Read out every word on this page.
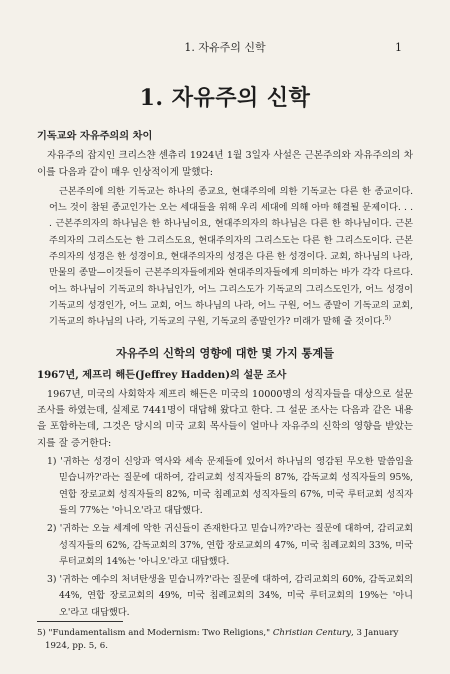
1. 자유주의 신학	1
1. 자유주의 신학
기독교와 자유주의의 차이

자유주의 잡지인 크리스챤 센츄리 1924년 1월 3일자 사설은 근본주의와 자유주의의 차이를 다음과 같이 매우 인상적이게 말했다:

근본주의에 의한 기독교는 하나의 종교요, 현대주의에 의한 기독교는 다른 한 종교이다. 어느 것이 참된 종교인가는 오는 세대들을 위해 우리 세대에 의해 아마 해결될 문제이다. . . . 근본주의자의 하나님은 한 하나님이요, 현대주의자의 하나님은 다른 한 하나님이다. 근본주의자의 그리스도는 한 그리스도요, 현대주의자의 그리스도는 다른 한 그리스도이다. 근본주의자의 성경은 한 성경이요, 현대주의자의 성경은 다른 한 성경이다. 교회, 하나님의 나라, 만물의 종말—이것들이 근본주의자들에게와 현대주의자들에게 의미하는 바가 각각 다르다. 어느 하나님이 기독교의 하나님인가, 어느 그리스도가 기독교의 그리스도인가, 어느 성경이 기독교의 성경인가, 어느 교회, 어느 하나님의 나라, 어느 구원, 어느 종말이 기독교의 교회, 기독교의 하나님의 나라, 기독교의 구원, 기독교의 종말인가? 미래가 말해 줄 것이다.$^{5)}$

자유주의 신학의 영향에 대한 몇 가지 통계들
1967년, 제프리 해든(Jeffrey Hadden)의 설문 조사

1967년, 미국의 사회학자 제프리 해든은 미국의 10000명의 성직자들을 대상으로 설문 조사를 하였는데, 실제로 7441명이 대답해 왔다고 한다. 그 설문 조사는 다음과 같은 내용을 포함하는데, 그것은 당시의 미국 교회 목사들이 얼마나 자유주의 신학의 영향을 받았는지를 잘 증거한다:

1) '귀하는 성경이 신앙과 역사와 세속 문제들에 있어서 하나님의 영감된 무오한 말씀임을 믿습니까?'라는 질문에 대하여, 감리교회 성직자들의 87%, 감독교회 성직자들의 95%, 연합 장로교회 성직자들의 82%, 미국 침례교회 성직자들의 67%, 미국 루터교회 성직자들의 77%는 '아니오'라고 대답했다.

2) '귀하는 오늘 세계에 악한 귀신들이 존재한다고 믿습니까?'라는 질문에 대하여, 감리교회 성직자들의 62%, 감독교회의 37%, 연합 장로교회의 47%, 미국 침례교회의 33%, 미국 루터교회의 14%는 '아니오'라고 대답했다.

3) '귀하는 예수의 처녀탄생을 믿습니까?'라는 질문에 대하여, 감리교회의 60%, 감독교회의 44%, 연합 장로교회의 49%, 미국 침례교회의 34%, 미국 루터교회의 19%는 '아니오'라고 대답했다.

5) "Fundamentalism and Modernism: Two Religions," Christian Century, 3 January 1924, pp. 5, 6.
